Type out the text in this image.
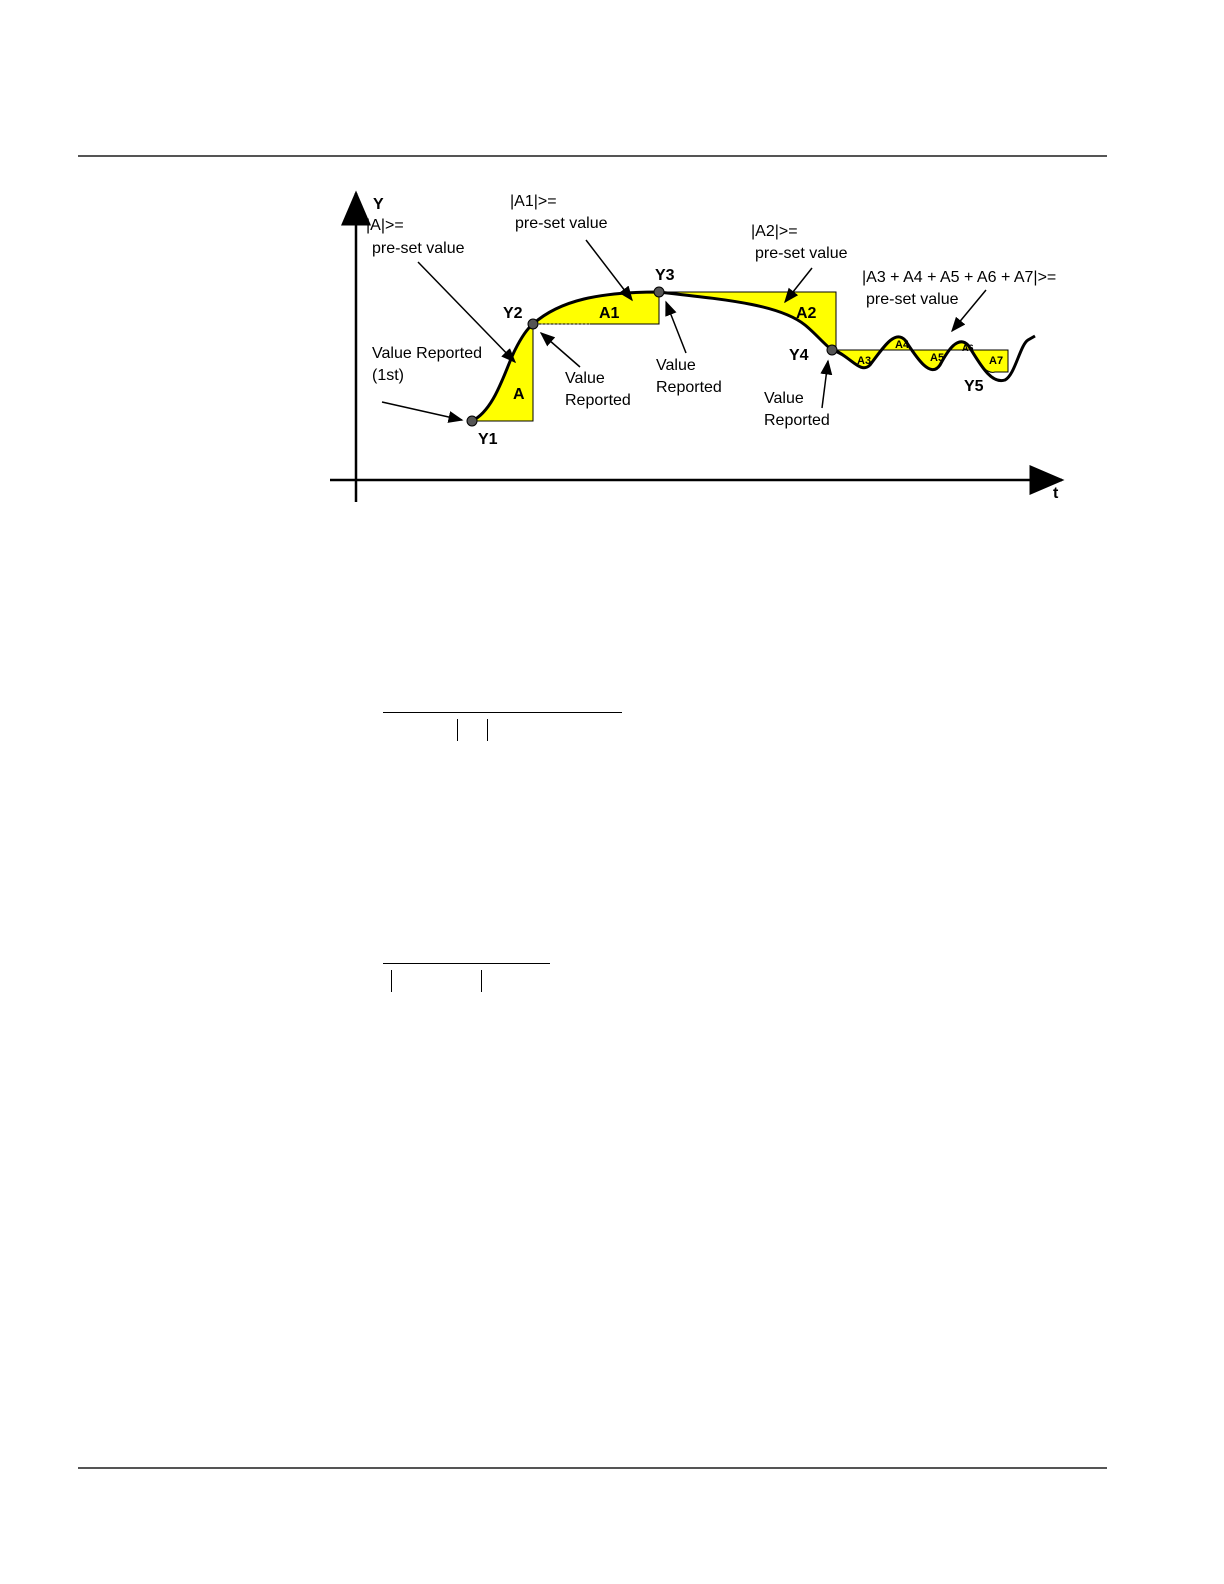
Y
t
Y1
Y2
Y3
Y4
Y5
A
A1	A2
A3
A4
A5
A6
A7
|A|>=
pre-set value
|A1|>=
pre-set value	|A2|>=
pre-set value
|A3 + A4 + A5 + A6 + A7|>=
pre-set value
Value Reported
(1st)	Value
Reported
Value
Reported
Value
Reported
